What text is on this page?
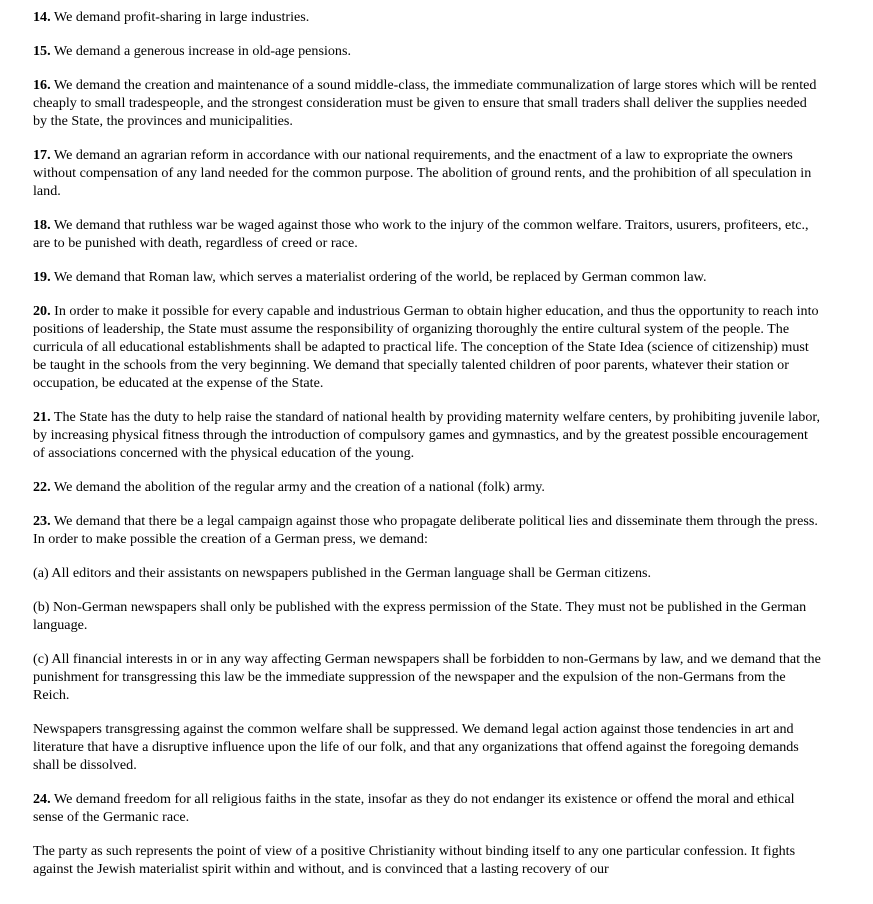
14. We demand profit-sharing in large industries.

15. We demand a generous increase in old-age pensions.

16. We demand the creation and maintenance of a sound middle-class, the immediate communalization of large stores which will be rented cheaply to small tradespeople, and the strongest consideration must be given to ensure that small traders shall deliver the supplies needed by the State, the provinces and municipalities.

17. We demand an agrarian reform in accordance with our national requirements, and the enactment of a law to expropriate the owners without compensation of any land needed for the common purpose. The abolition of ground rents, and the prohibition of all speculation in land.

18. We demand that ruthless war be waged against those who work to the injury of the common welfare. Traitors, usurers, profiteers, etc., are to be punished with death, regardless of creed or race.

19. We demand that Roman law, which serves a materialist ordering of the world, be replaced by German common law.

20. In order to make it possible for every capable and industrious German to obtain higher education, and thus the opportunity to reach into positions of leadership, the State must assume the responsibility of organizing thoroughly the entire cultural system of the people. The curricula of all educational establishments shall be adapted to practical life. The conception of the State Idea (science of citizenship) must be taught in the schools from the very beginning. We demand that specially talented children of poor parents, whatever their station or occupation, be educated at the expense of the State.

21. The State has the duty to help raise the standard of national health by providing maternity welfare centers, by prohibiting juvenile labor, by increasing physical fitness through the introduction of compulsory games and gymnastics, and by the greatest possible encouragement of associations concerned with the physical education of the young.

22. We demand the abolition of the regular army and the creation of a national (folk) army.

23. We demand that there be a legal campaign against those who propagate deliberate political lies and disseminate them through the press. In order to make possible the creation of a German press, we demand:

(a) All editors and their assistants on newspapers published in the German language shall be German citizens.

(b) Non-German newspapers shall only be published with the express permission of the State. They must not be published in the German language.

(c) All financial interests in or in any way affecting German newspapers shall be forbidden to non-Germans by law, and we demand that the punishment for transgressing this law be the immediate suppression of the newspaper and the expulsion of the non-Germans from the Reich.

Newspapers transgressing against the common welfare shall be suppressed. We demand legal action against those tendencies in art and literature that have a disruptive influence upon the life of our folk, and that any organizations that offend against the foregoing demands shall be dissolved.

24. We demand freedom for all religious faiths in the state, insofar as they do not endanger its existence or offend the moral and ethical sense of the Germanic race.

The party as such represents the point of view of a positive Christianity without binding itself to any one particular confession. It fights against the Jewish materialist spirit within and without, and is convinced that a lasting recovery of our
